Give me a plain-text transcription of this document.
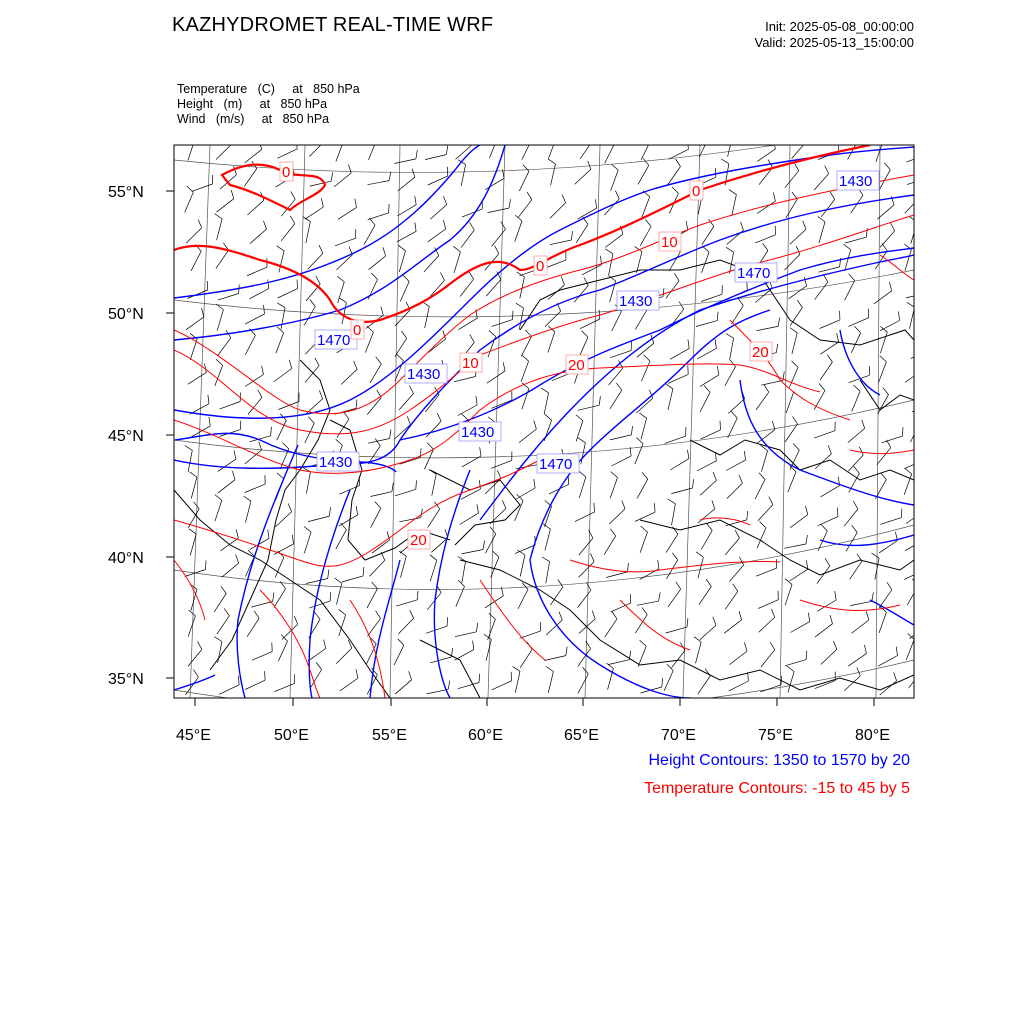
KAZHYDROMET REAL-TIME WRF	Init: 2025-05-08_00:00:00
Valid: 2025-05-13_15:00:00
Temperature   (C)     at   850 hPa
Height   (m)     at   850 hPa
Wind   (m/s)     at   850 hPa
55°N
50°N
45°N
40°N
35°N
45°E	50°E	55°E	60°E	65°E	70°E	75°E	80°E
1470
1430
1430
1430	1470
1430
1470
1430
0
0
0
0
10
10
20
20
20
Height Contours: 1350 to 1570 by 20
Temperature Contours: -15 to 45 by 5
